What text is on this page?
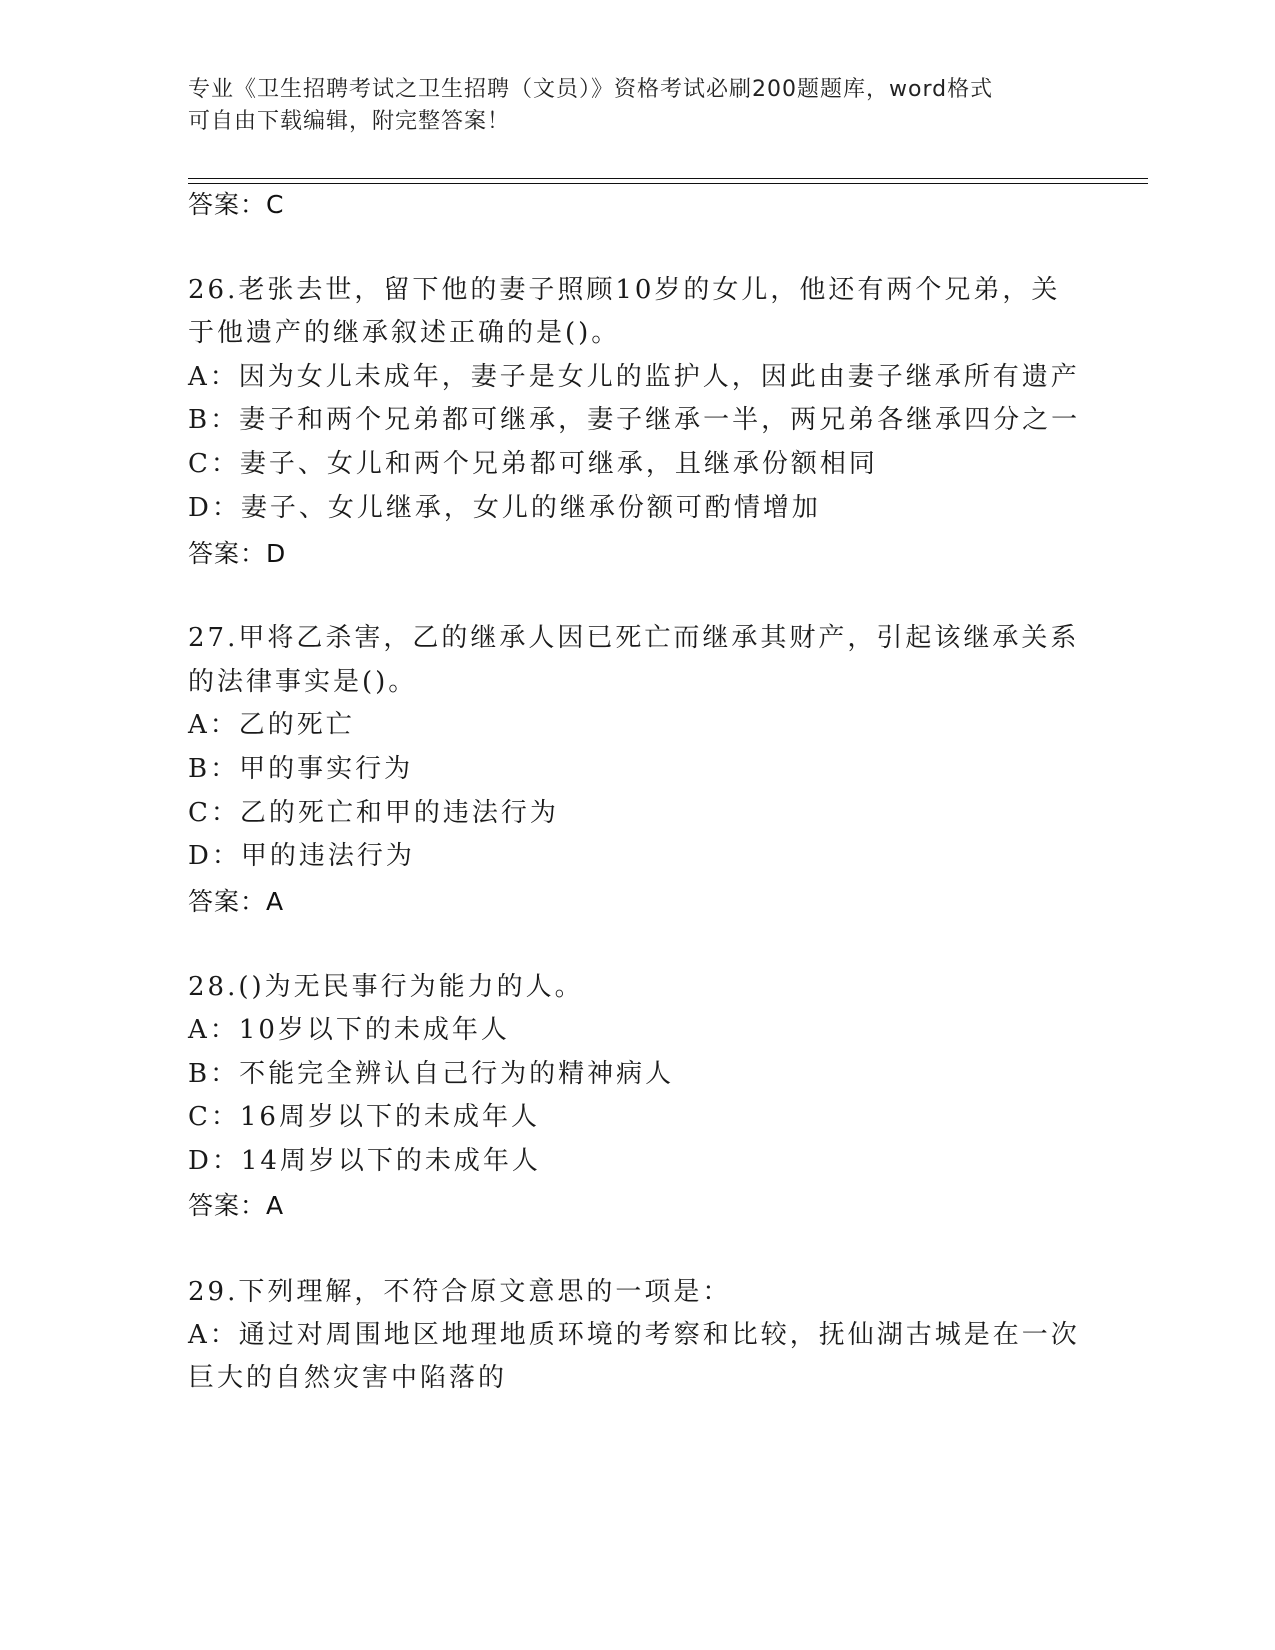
专业《卫生招聘考试之卫生招聘（文员）》资格考试必刷200题题库，word格式
可自由下载编辑，附完整答案！
答案：C
26.老张去世，留下他的妻子照顾10岁的女儿，他还有两个兄弟，关
于他遗产的继承叙述正确的是()。
A：因为女儿未成年，妻子是女儿的监护人，因此由妻子继承所有遗产
B：妻子和两个兄弟都可继承，妻子继承一半，两兄弟各继承四分之一
C：妻子、女儿和两个兄弟都可继承，且继承份额相同
D：妻子、女儿继承，女儿的继承份额可酌情增加
答案：D
27.甲将乙杀害，乙的继承人因已死亡而继承其财产，引起该继承关系
的法律事实是()。
A：乙的死亡
B：甲的事实行为
C：乙的死亡和甲的违法行为
D：甲的违法行为
答案：A
28.()为无民事行为能力的人。
A：10岁以下的未成年人
B：不能完全辨认自己行为的精神病人
C：16周岁以下的未成年人
D：14周岁以下的未成年人
答案：A
29.下列理解，不符合原文意思的一项是：
A：通过对周围地区地理地质环境的考察和比较，抚仙湖古城是在一次
巨大的自然灾害中陷落的
